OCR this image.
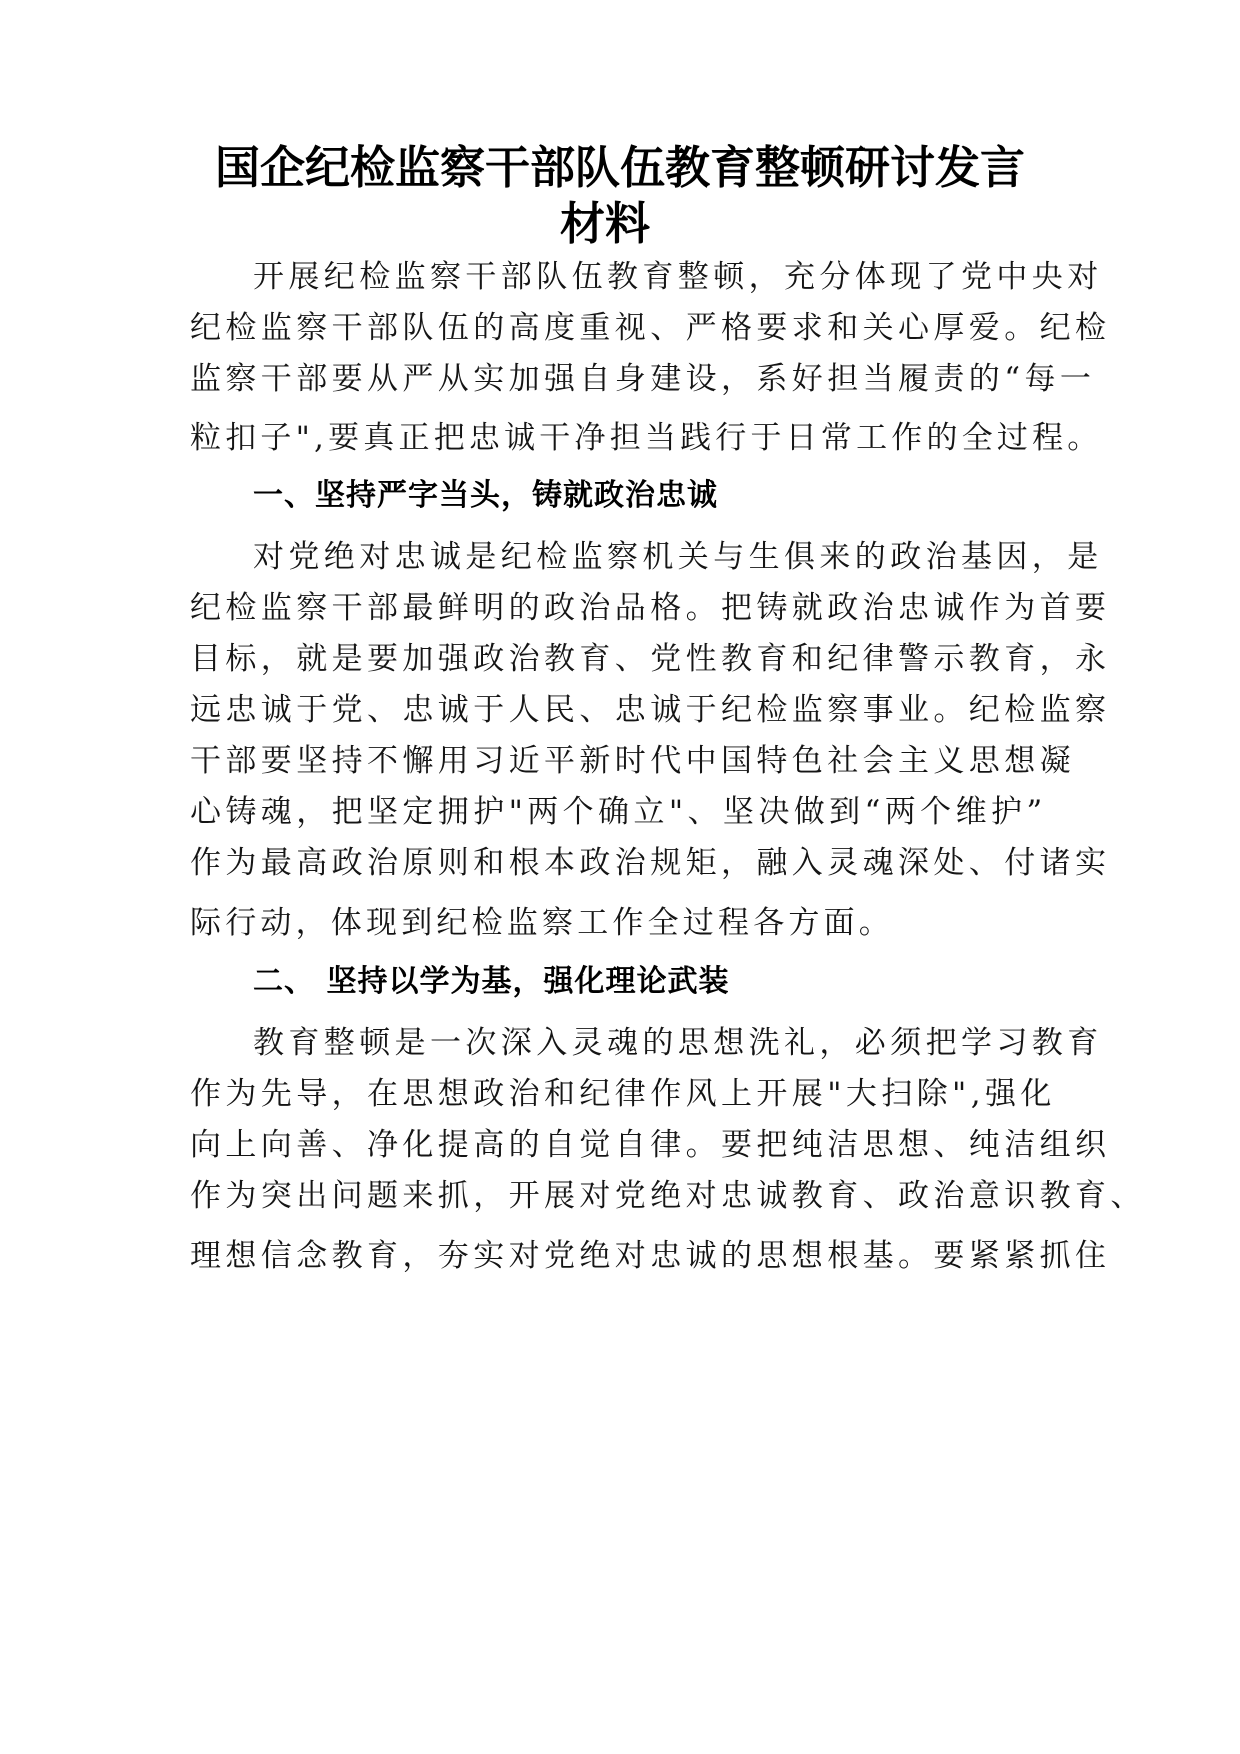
国企纪检监察干部队伍教育整顿研讨发言
材料
开展纪检监察干部队伍教育整顿，充分体现了党中央对
纪检监察干部队伍的高度重视、严格要求和关心厚爱。纪检
监察干部要从严从实加强自身建设，系好担当履责的“每一
粒扣子",要真正把忠诚干净担当践行于日常工作的全过程。
一、坚持严字当头，铸就政治忠诚
对党绝对忠诚是纪检监察机关与生俱来的政治基因，是
纪检监察干部最鲜明的政治品格。把铸就政治忠诚作为首要
目标，就是要加强政治教育、党性教育和纪律警示教育，永
远忠诚于党、忠诚于人民、忠诚于纪检监察事业。纪检监察
干部要坚持不懈用习近平新时代中国特色社会主义思想凝
心铸魂，把坚定拥护"两个确立"、坚决做到“两个维护”
作为最高政治原则和根本政治规矩，融入灵魂深处、付诸实
际行动，体现到纪检监察工作全过程各方面。
二、 坚持以学为基，强化理论武装
教育整顿是一次深入灵魂的思想洗礼，必须把学习教育
作为先导，在思想政治和纪律作风上开展"大扫除",强化
向上向善、净化提高的自觉自律。要把纯洁思想、纯洁组织
作为突出问题来抓，开展对党绝对忠诚教育、政治意识教育、
理想信念教育，夯实对党绝对忠诚的思想根基。要紧紧抓住
